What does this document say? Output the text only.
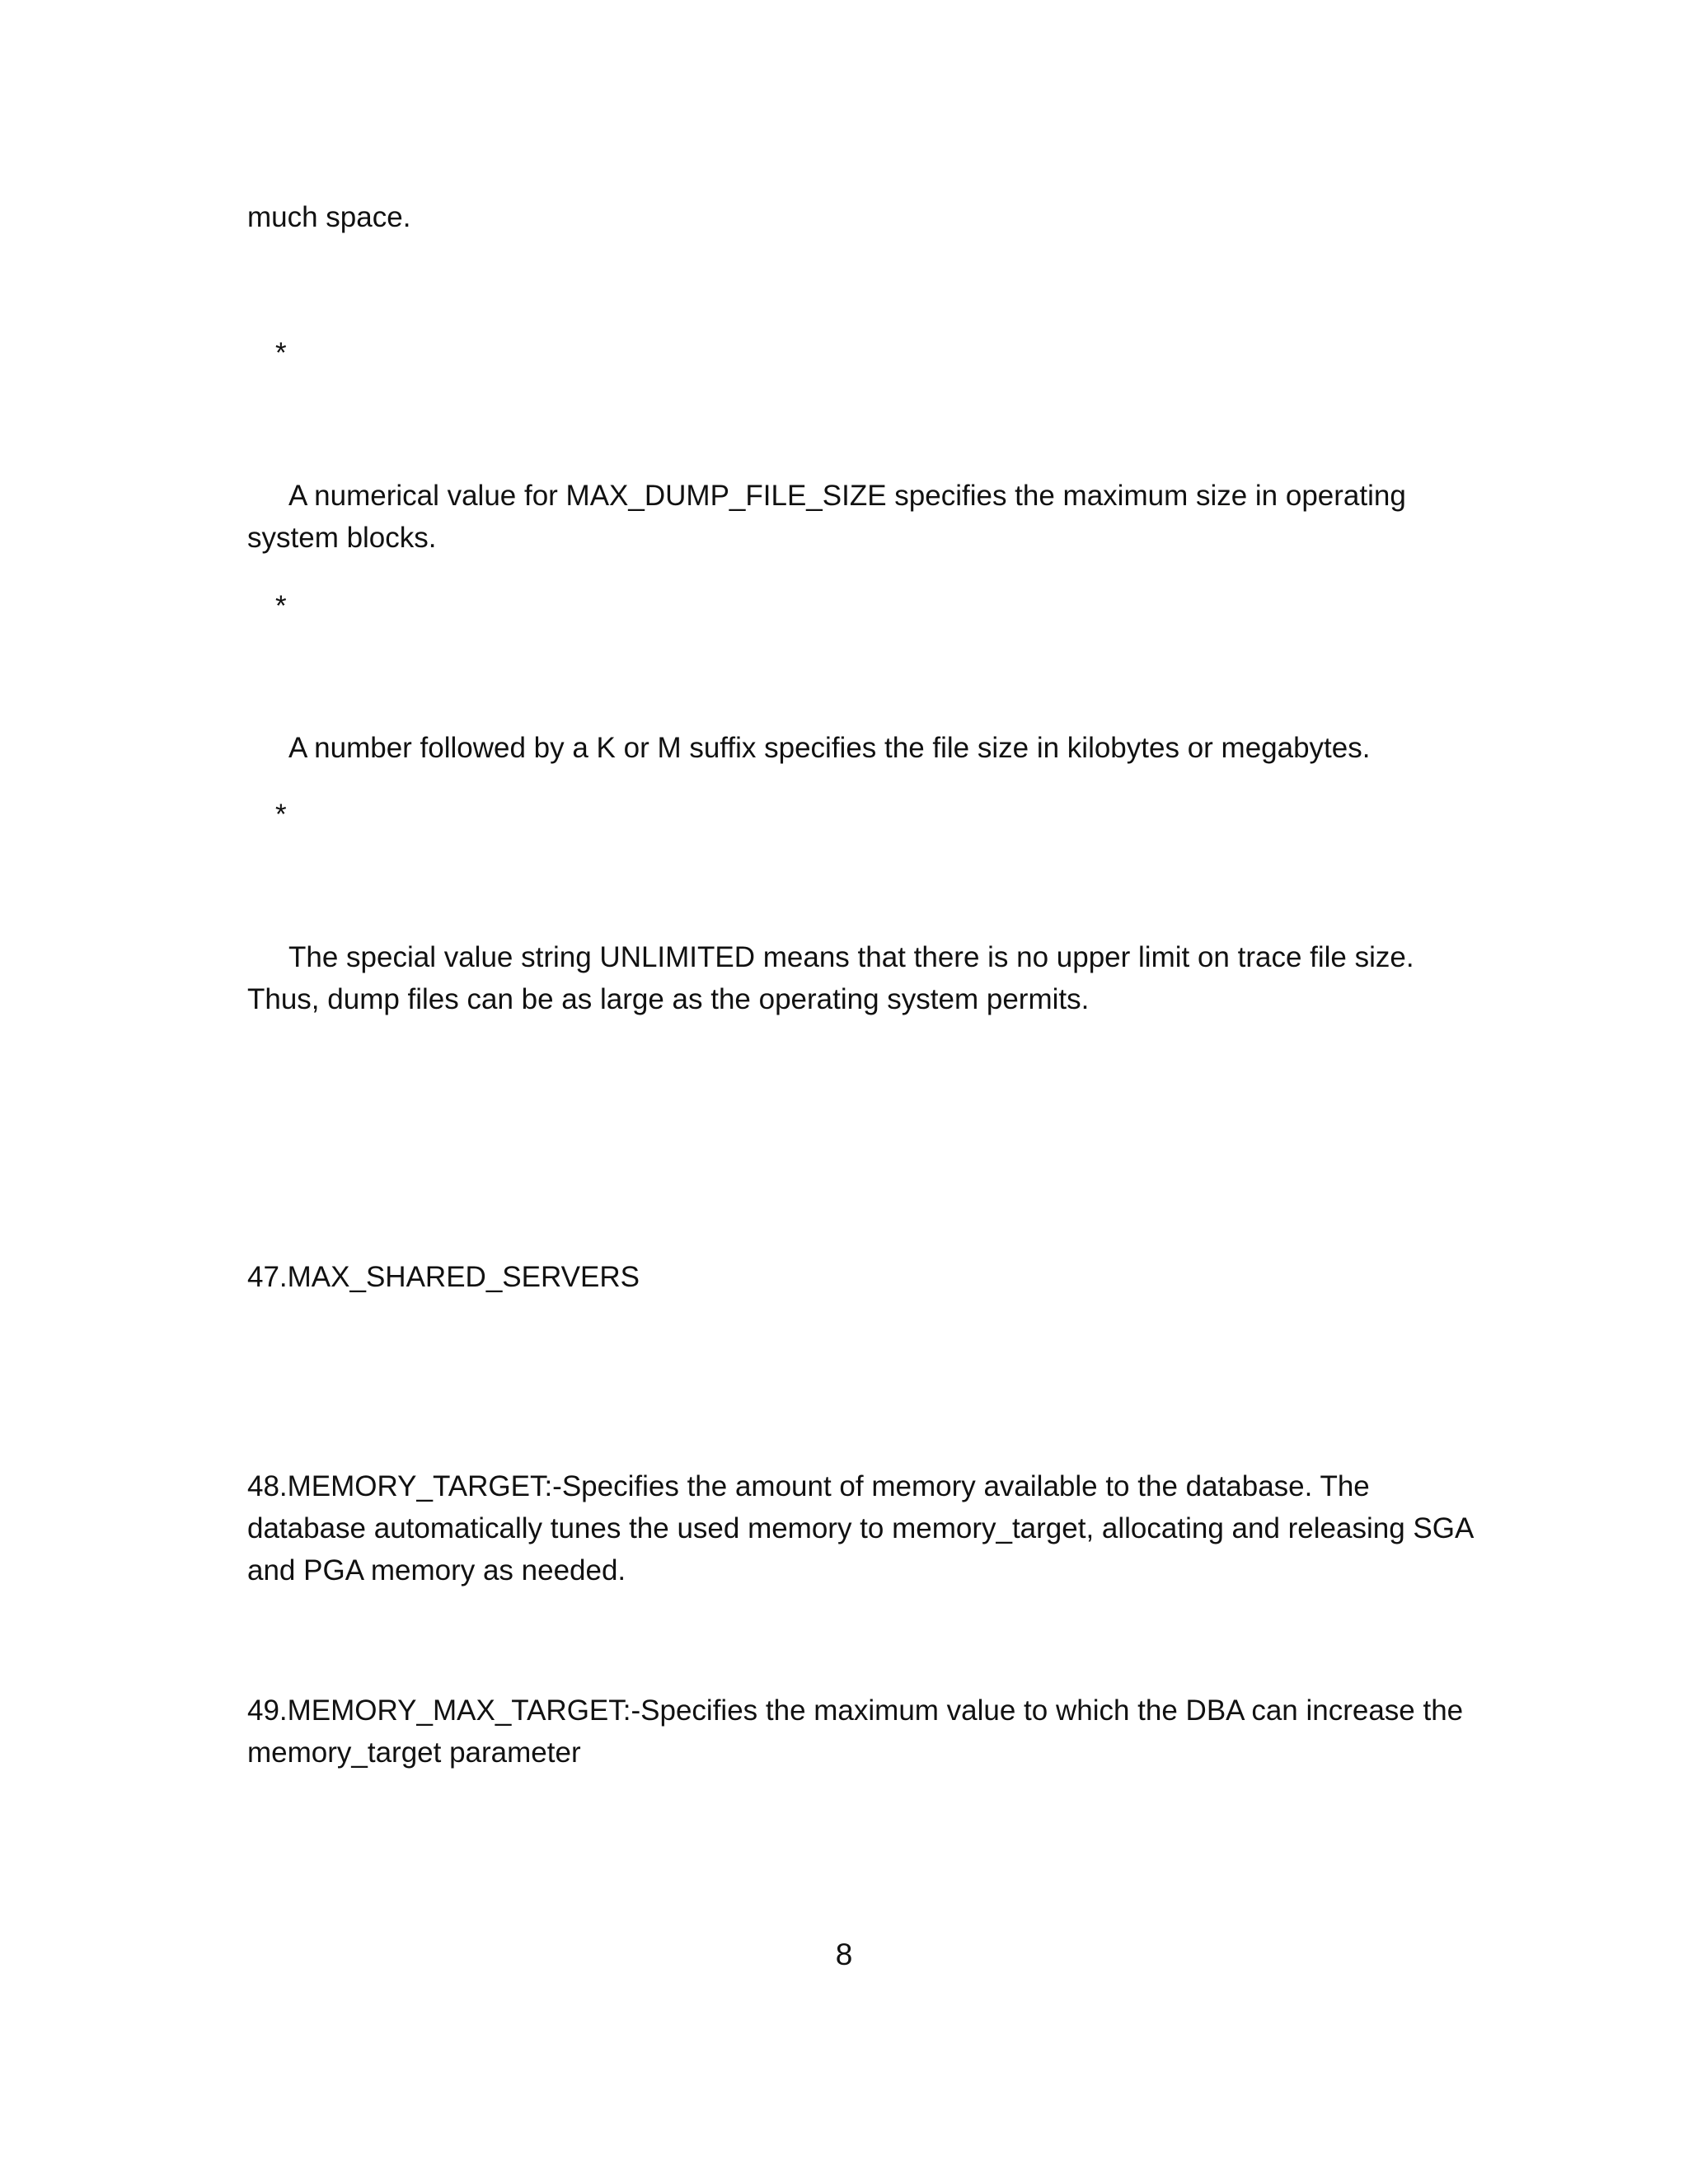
much space.
*
A numerical value for MAX_DUMP_FILE_SIZE specifies the maximum size in operating
system blocks.
*
A number followed by a K or M suffix specifies the file size in kilobytes or megabytes.
*
The special value string UNLIMITED means that there is no upper limit on trace file size.
Thus, dump files can be as large as the operating system permits.
47.MAX_SHARED_SERVERS
48.MEMORY_TARGET:-Specifies the amount of memory available to the database. The
database automatically tunes the used memory to memory_target, allocating and releasing SGA
and PGA memory as needed.
49.MEMORY_MAX_TARGET:-Specifies the maximum value to which the DBA can increase the
memory_target parameter
8
